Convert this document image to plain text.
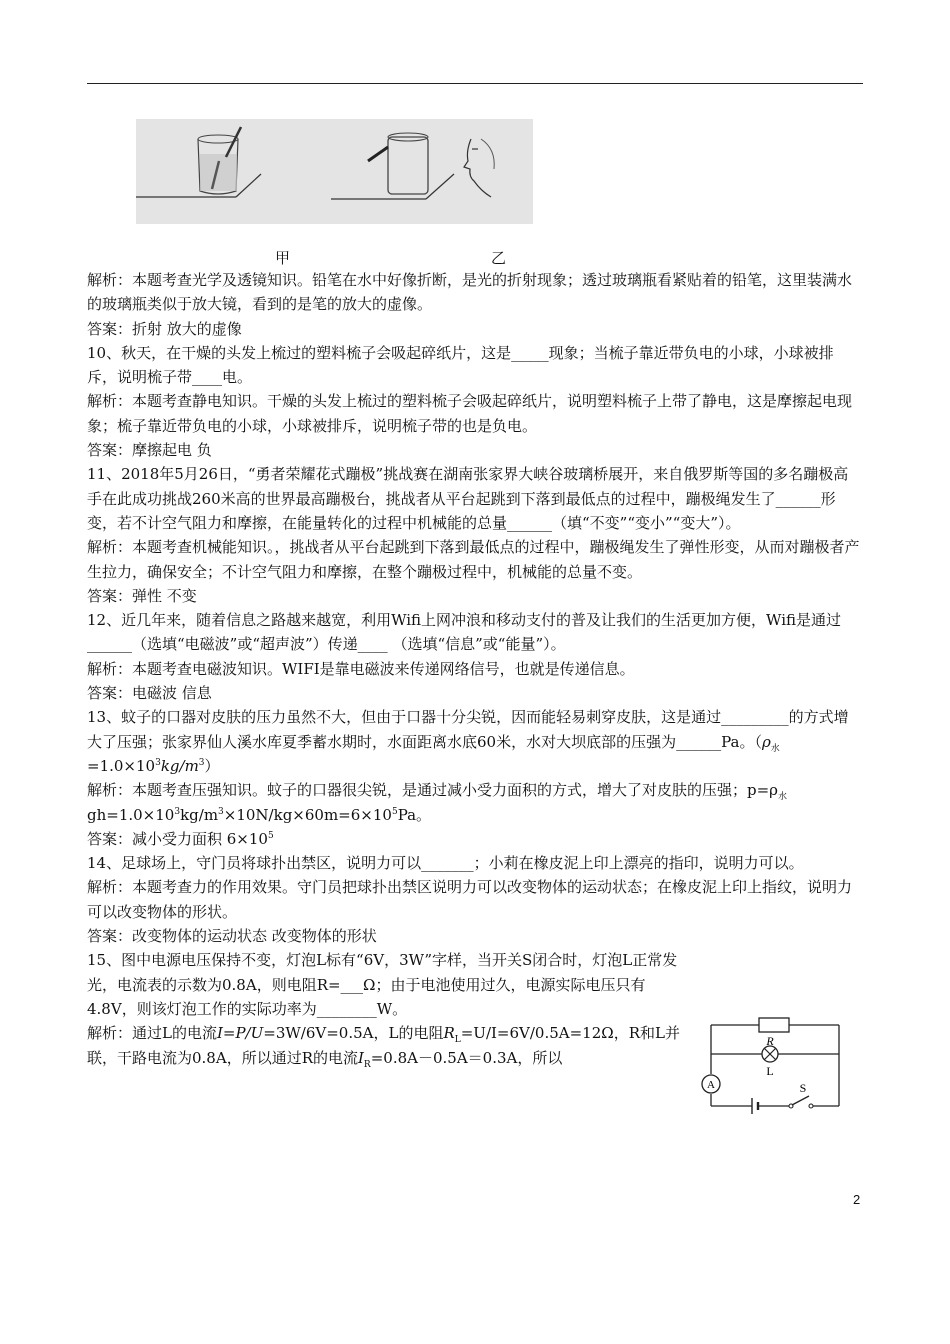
甲	乙

解析：本题考查光学及透镜知识。铅笔在水中好像折断，是光的折射现象；透过玻璃瓶看紧贴着的铅笔，这里装满水的玻璃瓶类似于放大镜，看到的是笔的放大的虚像。

答案：折射 放大的虚像

10、秋天，在干燥的头发上梳过的塑料梳子会吸起碎纸片，这是_____现象；当梳子靠近带负电的小球，小球被排斥，说明梳子带____电。

解析：本题考查静电知识。干燥的头发上梳过的塑料梳子会吸起碎纸片，说明塑料梳子上带了静电，这是摩擦起电现象；梳子靠近带负电的小球，小球被排斥，说明梳子带的也是负电。

答案：摩擦起电 负

11、2018年5月26日，“勇者荣耀花式蹦极”挑战赛在湖南张家界大峡谷玻璃桥展开，来自俄罗斯等国的多名蹦极高手在此成功挑战260米高的世界最高蹦极台，挑战者从平台起跳到下落到最低点的过程中，蹦极绳发生了______形变，若不计空气阻力和摩擦，在能量转化的过程中机械能的总量______（填“不变”“变小”“变大”）。

解析：本题考查机械能知识。，挑战者从平台起跳到下落到最低点的过程中，蹦极绳发生了弹性形变，从而对蹦极者产生拉力，确保安全；不计空气阻力和摩擦，在整个蹦极过程中，机械能的总量不变。

答案：弹性 不变

12、近几年来，随着信息之路越来越宽，利用Wifi上网冲浪和移动支付的普及让我们的生活更加方便，Wifi是通过 ______（选填“电磁波”或“超声波”）传递____ （选填“信息”或“能量”）。

解析：本题考查电磁波知识。WIFI是靠电磁波来传递网络信号，也就是传递信息。

答案：电磁波 信息

13、蚊子的口器对皮肤的压力虽然不大，但由于口器十分尖锐，因而能轻易刺穿皮肤，这是通过_________的方式增大了压强；张家界仙人溪水库夏季蓄水期时，水面距离水底60米，水对大坝底部的压强为______Pa。$(\rho_水=1.0\times 10^3kg/m^3)$

解析：本题考查压强知识。蚊子的口器很尖锐，是通过减小受力面积的方式，增大了对皮肤的压强；$p=\rho_水gh=1.0\times 10^3kg/m^3\times 10N/kg\times 60m=6\times 10^5Pa$。

答案：减小受力面积 $6\times 10^5$

14、足球场上，守门员将球扑出禁区，说明力可以_______；小莉在橡皮泥上印上漂亮的指印，说明力可以。

解析：本题考查力的作用效果。守门员把球扑出禁区说明力可以改变物体的运动状态；在橡皮泥上印上指纹，说明力可以改变物体的形状。

答案：改变物体的运动状态 改变物体的形状

15、图中电源电压保持不变，灯泡L标有“6V，3W”字样，当开关S闭合时，灯泡L正常发光，电流表的示数为0.8A，则电阻R=___Ω；由于电池使用过久，电源实际电压只有4.8V，则该灯泡工作的实际功率为________W。

解析：通过L的电流I=P/U=3W/6V=0.5A，L的电阻$R_L=U/I=6V/0.5A=12\Omega$，R和L并联，干路电流为0.8A，所以通过R的电流$I_R=0.8A-0.5A=0.3A$，所以

R
L
A	S
2
